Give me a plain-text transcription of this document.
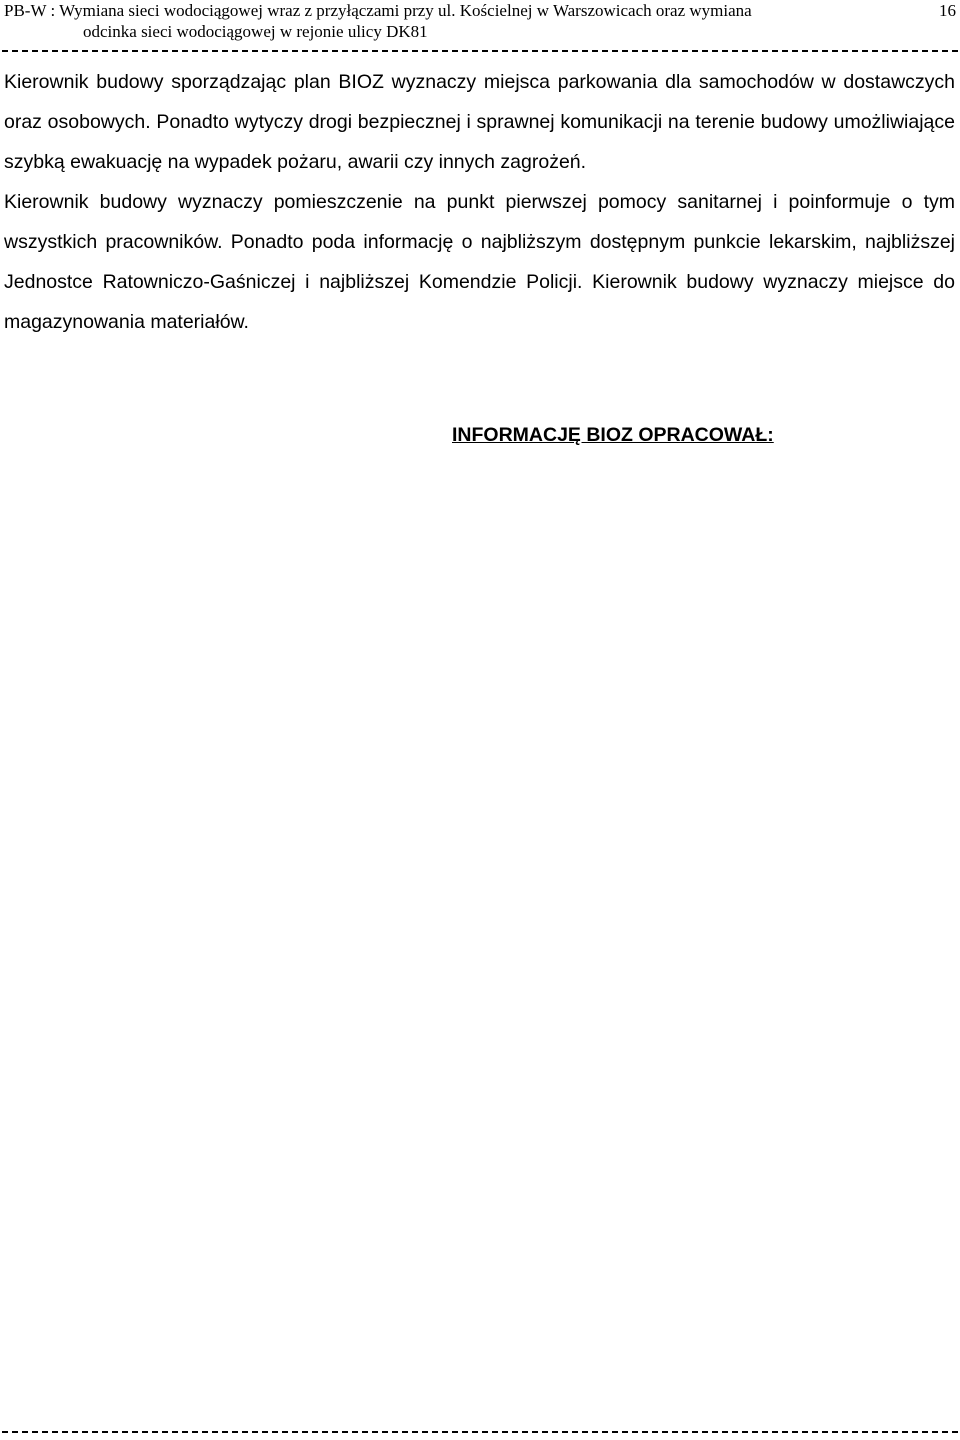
PB-W : Wymiana sieci wodociągowej wraz z przyłączami przy ul. Kościelnej w Warszowicach oraz wymiana
odcinka sieci wodociągowej w rejonie ulicy DK81
16

Kierownik budowy sporządzając plan BIOZ wyznaczy miejsca parkowania dla samochodów w dostawczych oraz osobowych. Ponadto wytyczy drogi bezpiecznej i sprawnej komunikacji na terenie budowy umożliwiające szybką ewakuację na wypadek pożaru, awarii czy innych zagrożeń.

Kierownik budowy wyznaczy pomieszczenie na punkt pierwszej pomocy sanitarnej i poinformuje o tym wszystkich pracowników. Ponadto poda informację o najbliższym dostępnym punkcie lekarskim, najbliższej Jednostce Ratowniczo-Gaśniczej i najbliższej Komendzie Policji. Kierownik budowy wyznaczy miejsce do magazynowania materiałów.

INFORMACJĘ BIOZ OPRACOWAŁ:
